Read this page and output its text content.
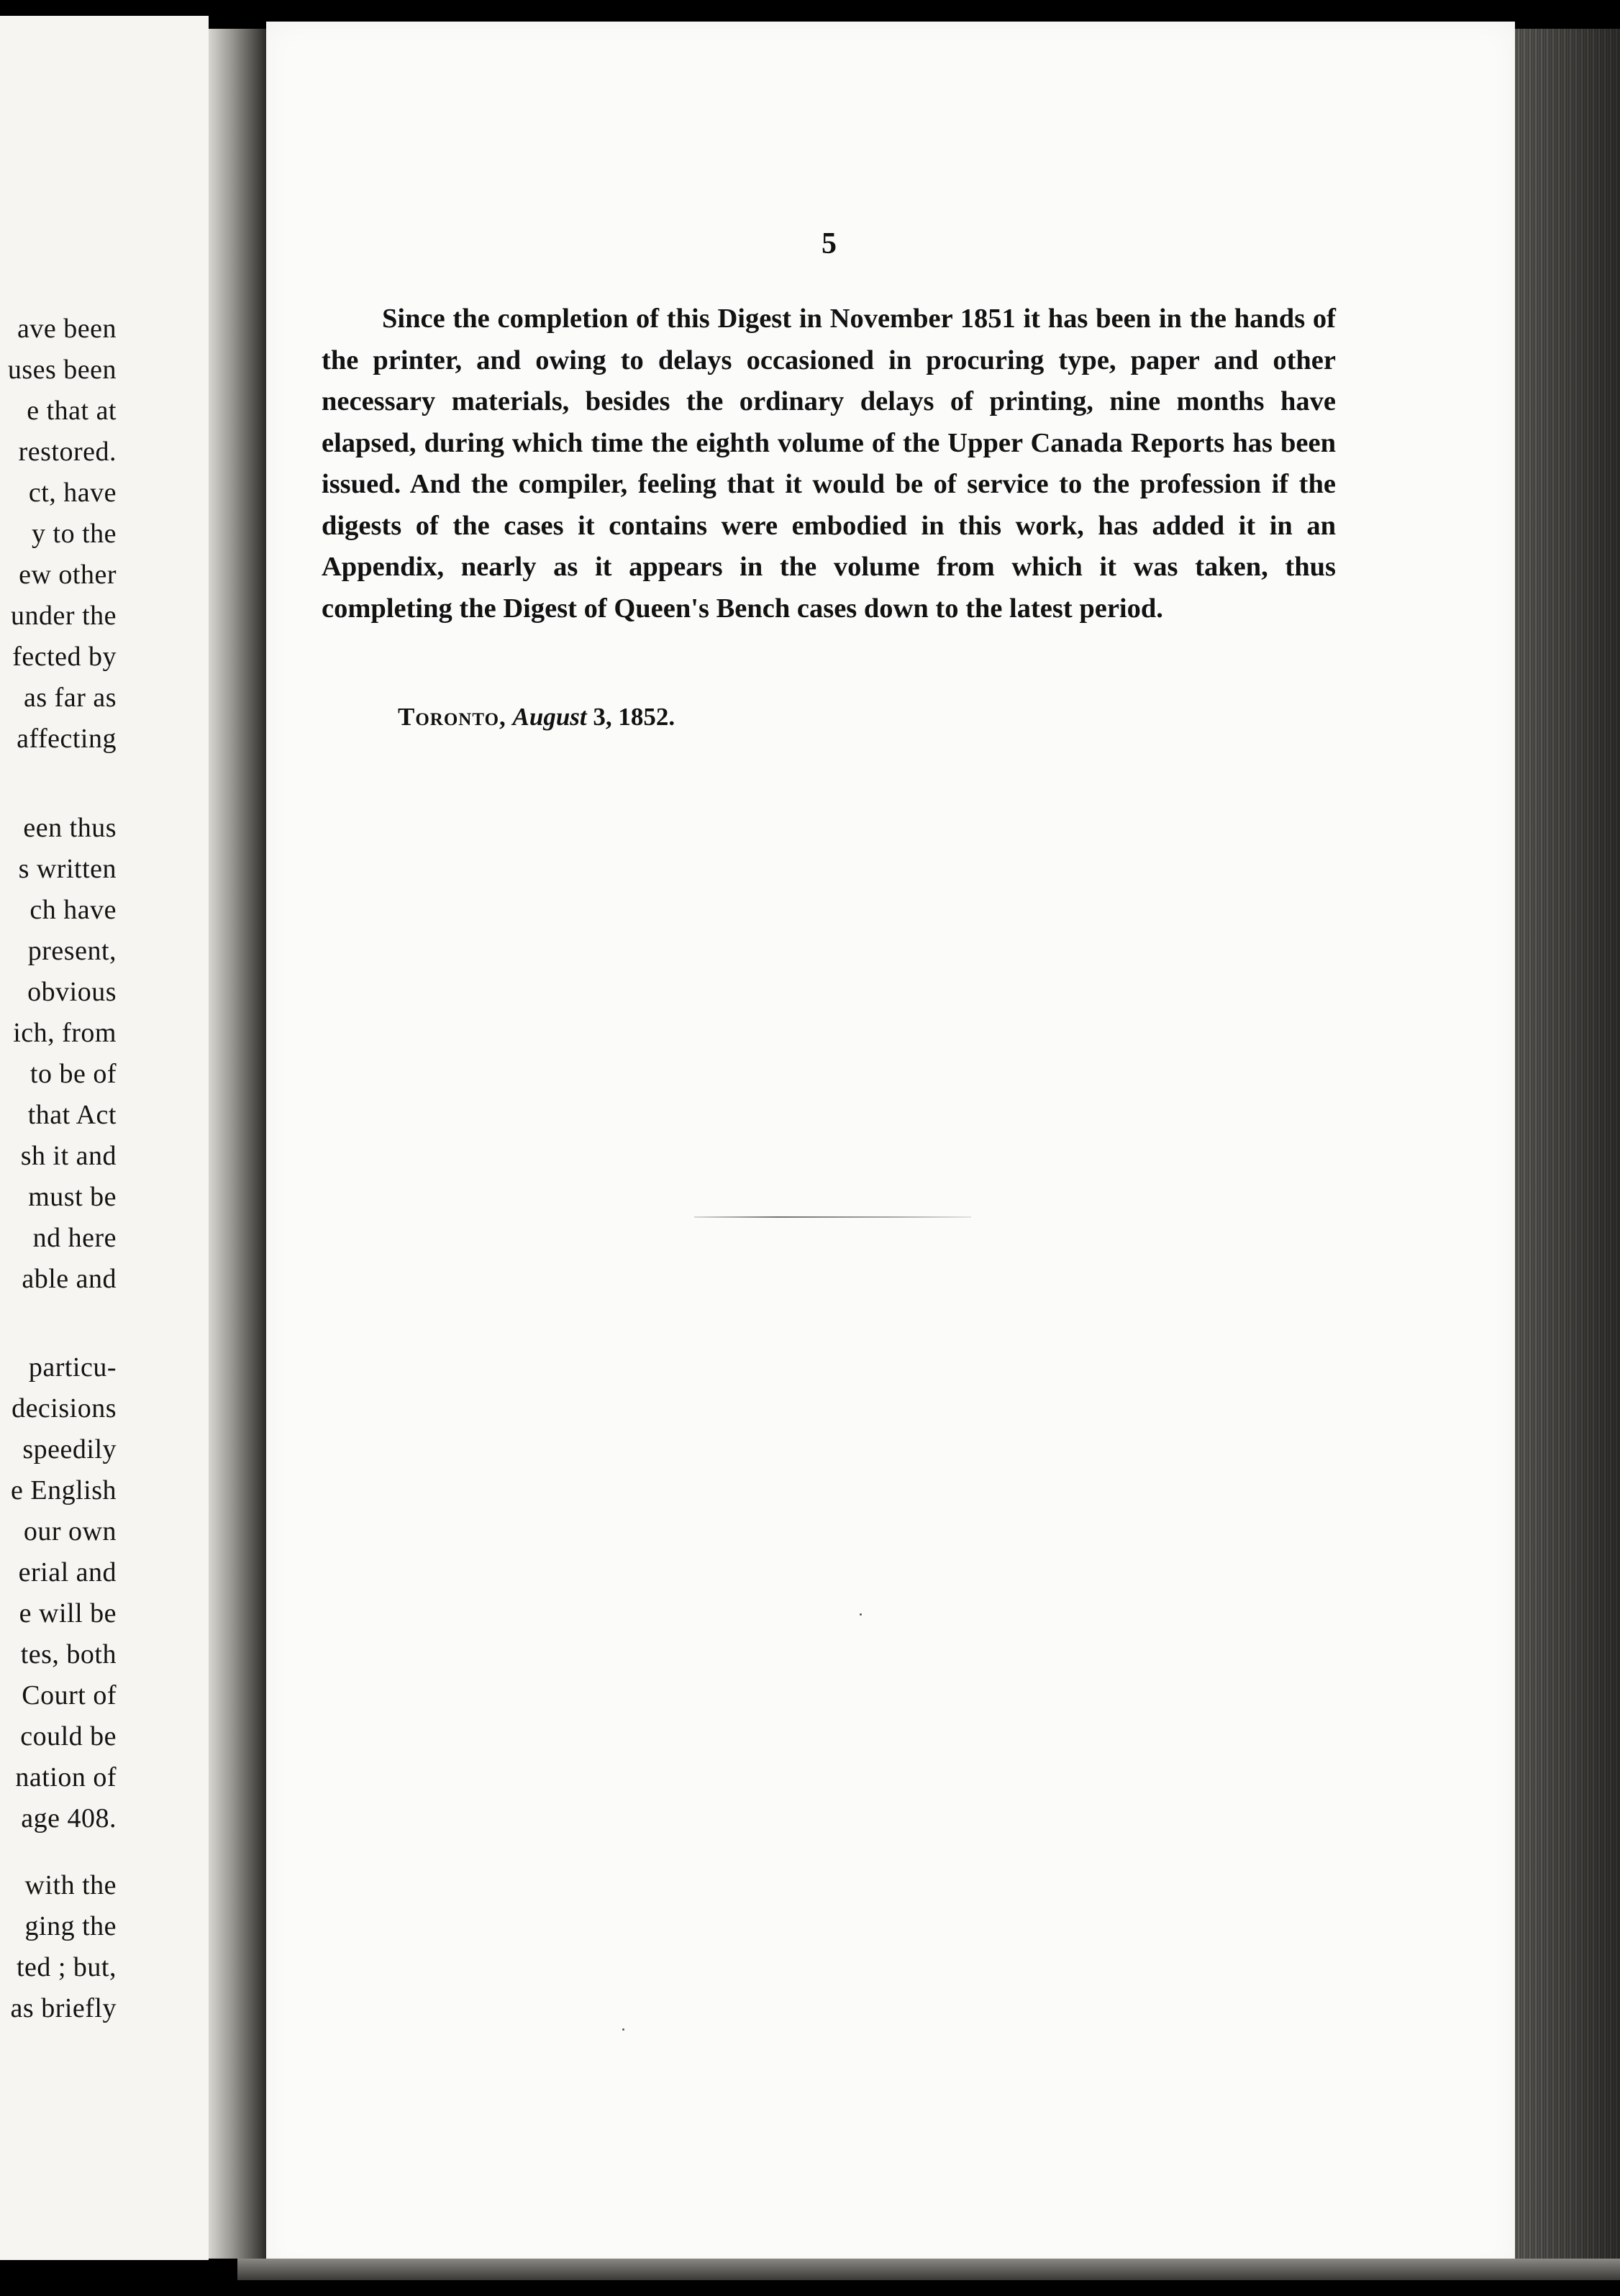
ave been
uses been
e that at
restored.
ct, have
y to the
ew other
under the
fected by
as far as
affecting
een thus
s written
ch have
present,
obvious
ich, from
to be of
that Act
sh it and
must be
nd here
able and
particu-
decisions
speedily
e English
our own
erial and
e will be
tes, both
Court of
could be
nation of
age 408.
with the
ging the
ted ; but,
as briefly
5

Since the completion of this Digest in November 1851 it has been in the hands of the printer, and owing to delays occasioned in procuring type, paper and other necessary materials, besides the ordinary delays of printing, nine months have elapsed, during which time the eighth volume of the Upper Canada Reports has been issued. And the compiler, feeling that it would be of service to the profession if the digests of the cases it contains were embodied in this work, has added it in an Appendix, nearly as it appears in the volume from which it was taken, thus completing the Digest of Queen's Bench cases down to the latest period.

Toronto, August 3, 1852.
